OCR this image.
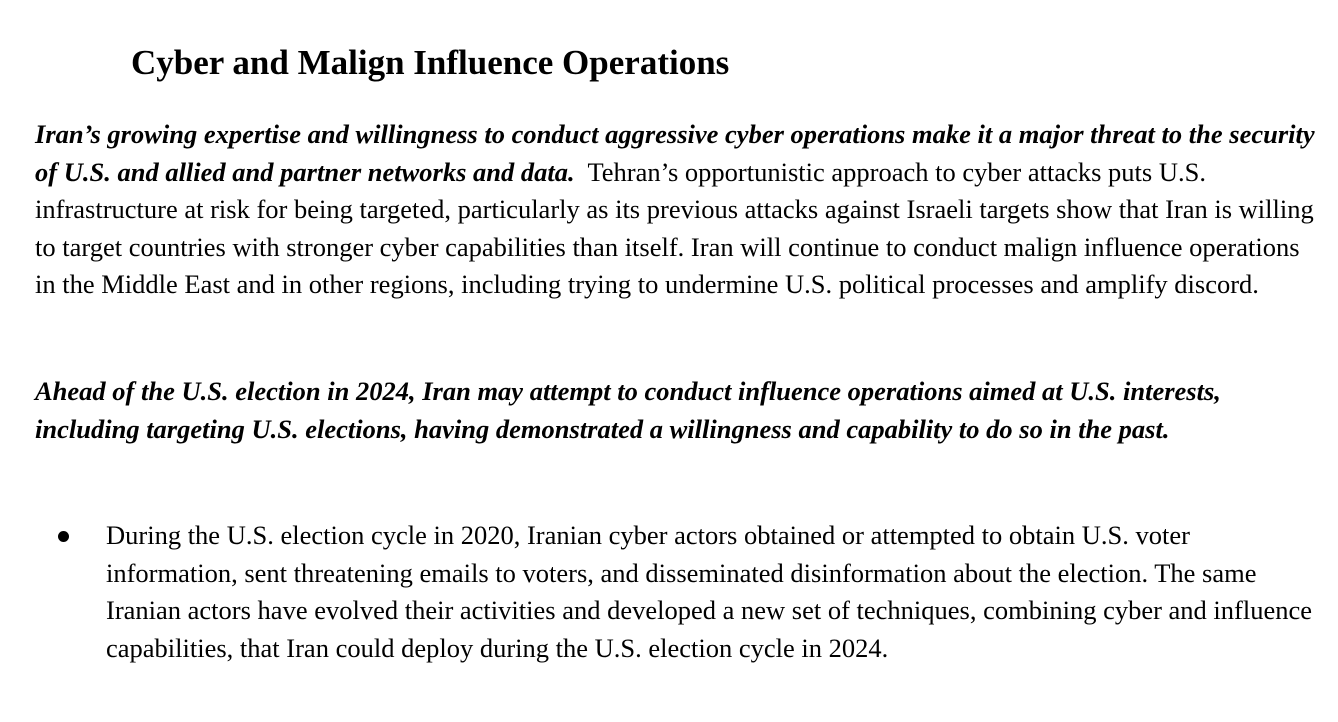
Cyber and Malign Influence Operations

Iran’s growing expertise and willingness to conduct aggressive cyber operations make it a major threat to the security of U.S. and allied and partner networks and data. Tehran’s opportunistic approach to cyber attacks puts U.S. infrastructure at risk for being targeted, particularly as its previous attacks against Israeli targets show that Iran is willing to target countries with stronger cyber capabilities than itself. Iran will continue to conduct malign influence operations in the Middle East and in other regions, including trying to undermine U.S. political processes and amplify discord.

Ahead of the U.S. election in 2024, Iran may attempt to conduct influence operations aimed at U.S. interests, including targeting U.S. elections, having demonstrated a willingness and capability to do so in the past.

During the U.S. election cycle in 2020, Iranian cyber actors obtained or attempted to obtain U.S. voter information, sent threatening emails to voters, and disseminated disinformation about the election. The same Iranian actors have evolved their activities and developed a new set of techniques, combining cyber and influence capabilities, that Iran could deploy during the U.S. election cycle in 2024.
